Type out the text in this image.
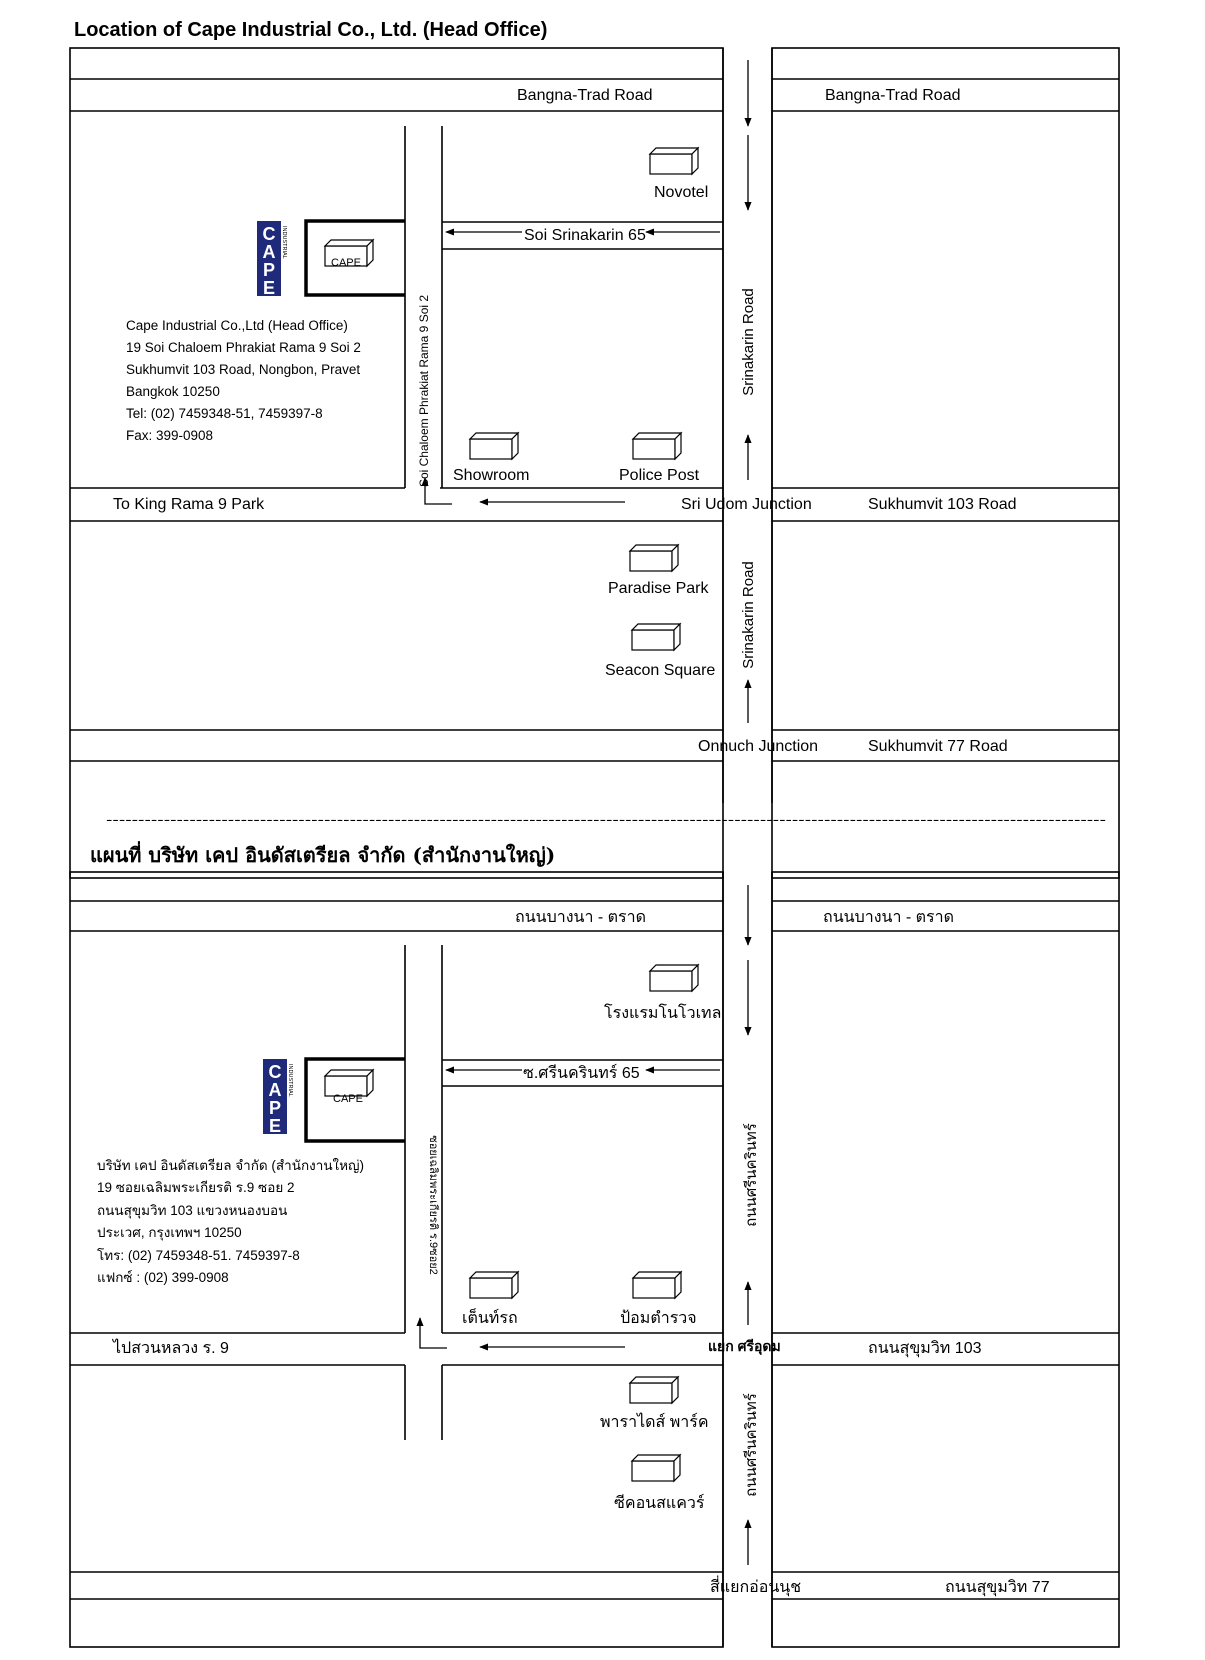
Location of Cape Industrial Co., Ltd. (Head Office)
C
A
P
E
INDUSTRIAL
CAPE
Cape Industrial Co.,Ltd (Head Office)
19 Soi Chaloem Phrakiat Rama 9 Soi 2
Sukhumvit 103 Road, Nongbon, Pravet
Bangkok 10250
Tel: (02) 7459348-51, 7459397-8
Fax: 399-0908
Bangna-Trad Road	Bangna-Trad Road
Soi Srinakarin 65
Srinakarin Road
Srinakarin Road
Soi Chaloem Phrakiat Rama 9 Soi 2
To King Rama 9 Park	Sri Udom Junction	Sukhumvit 103 Road
Onnuch Junction	Sukhumvit 77 Road
Novotel
Showroom	Police Post
Paradise Park
Seacon Square
------------------------------------------------------------------------------------------------------------------------------------------------------------
แผนที่ บริษัท เคป อินดัสเตรียล จำกัด (สำนักงานใหญ่)
C
A
P
E
INDUSTRIAL
CAPE
บริษัท เคป อินดัสเตรียล จำกัด (สำนักงานใหญ่)
19 ซอยเฉลิมพระเกียรติ ร.9 ซอย 2
ถนนสุขุมวิท 103 แขวงหนองบอน
ประเวศ, กรุงเทพฯ 10250
โทร: (02) 7459348-51. 7459397-8
แฟกซ์ : (02) 399-0908
ถนนบางนา - ตราด	ถนนบางนา - ตราด
ซ.ศรีนครินทร์ 65
ถนนศรีนครินทร์
ถนนศรีนครินทร์
ซอยเฉลิมพระเกียรติ ร.9ซอย2
ไปสวนหลวง ร. 9	แยก ศรีอุดม	ถนนสุขุมวิท 103
สี่แยกอ่อนนุช	ถนนสุขุมวิท 77
โรงแรมโนโวเทล
เต็นท์รถ	ป้อมตำรวจ
พาราไดส์ พาร์ค
ซีคอนสแควร์
